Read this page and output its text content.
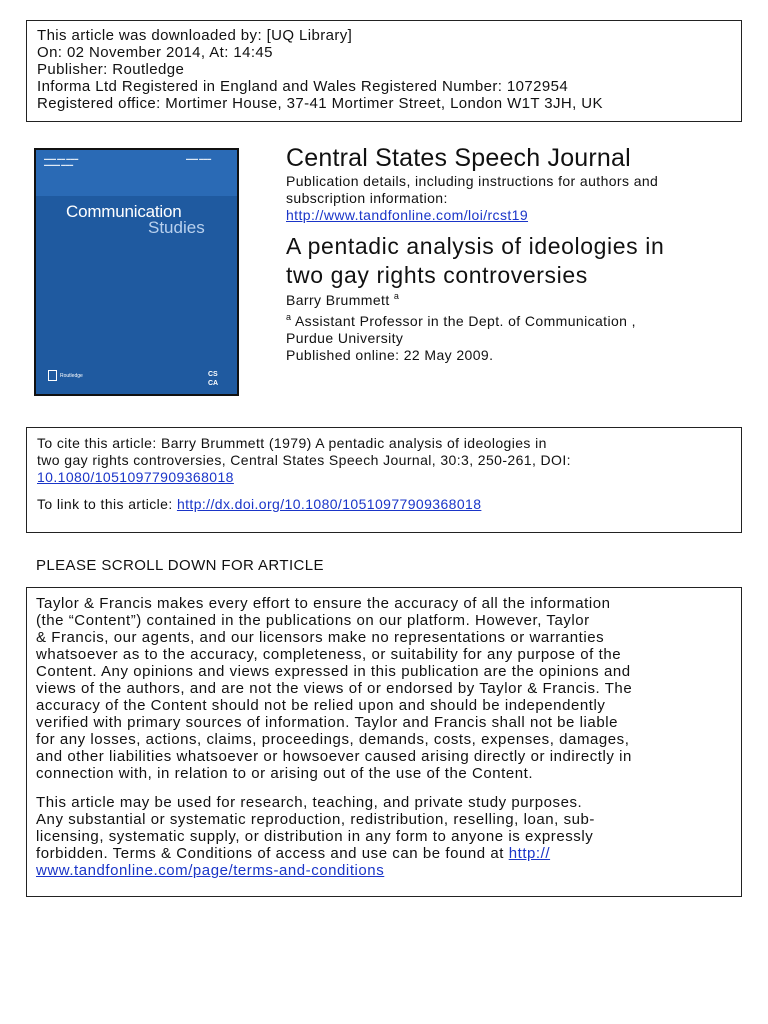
This article was downloaded by: [UQ Library]
On: 02 November 2014, At: 14:45
Publisher: Routledge
Informa Ltd Registered in England and Wales Registered Number: 1072954
Registered office: Mortimer House, 37-41 Mortimer Street, London W1T 3JH, UK
▬▬▬ ▬▬ ▬▬▬
▬▬▬▬ ▬▬▬
▬▬▬ ▬▬▬
Communication
Studies
Routledge	CS
CA
Central States Speech Journal
Publication details, including instructions for authors and
subscription information:
http://www.tandfonline.com/loi/rcst19
A pentadic analysis of ideologies in
two gay rights controversies
Barry Brummett $^a$
$^a$ Assistant Professor in the Dept. of Communication ,
Purdue University
Published online: 22 May 2009.
To cite this article: Barry Brummett (1979) A pentadic analysis of ideologies in
two gay rights controversies, Central States Speech Journal, 30:3, 250-261, DOI:
10.1080/10510977909368018
To link to this article: http://dx.doi.org/10.1080/10510977909368018
PLEASE SCROLL DOWN FOR ARTICLE
Taylor & Francis makes every effort to ensure the accuracy of all the information
(the “Content”) contained in the publications on our platform. However, Taylor
& Francis, our agents, and our licensors make no representations or warranties
whatsoever as to the accuracy, completeness, or suitability for any purpose of the
Content. Any opinions and views expressed in this publication are the opinions and
views of the authors, and are not the views of or endorsed by Taylor & Francis. The
accuracy of the Content should not be relied upon and should be independently
verified with primary sources of information. Taylor and Francis shall not be liable
for any losses, actions, claims, proceedings, demands, costs, expenses, damages,
and other liabilities whatsoever or howsoever caused arising directly or indirectly in
connection with, in relation to or arising out of the use of the Content.
This article may be used for research, teaching, and private study purposes.
Any substantial or systematic reproduction, redistribution, reselling, loan, sub-
licensing, systematic supply, or distribution in any form to anyone is expressly
forbidden. Terms & Conditions of access and use can be found at http://
www.tandfonline.com/page/terms-and-conditions
